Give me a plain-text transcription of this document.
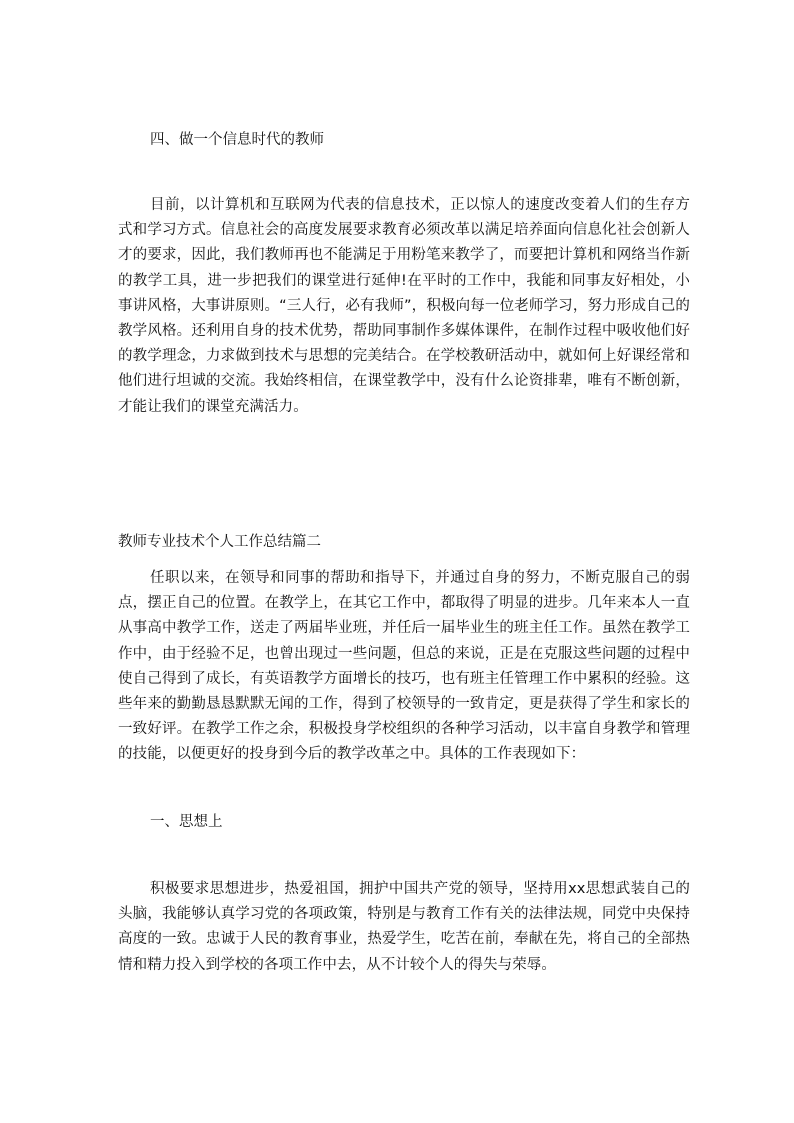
四、做一个信息时代的教师

目前，以计算机和互联网为代表的信息技术，正以惊人的速度改变着人们的生存方式和学习方式。信息社会的高度发展要求教育必须改革以满足培养面向信息化社会创新人才的要求，因此，我们教师再也不能满足于用粉笔来教学了，而要把计算机和网络当作新的教学工具，进一步把我们的课堂进行延伸!在平时的工作中，我能和同事友好相处，小事讲风格，大事讲原则。“三人行，必有我师”，积极向每一位老师学习，努力形成自己的教学风格。还利用自身的技术优势，帮助同事制作多媒体课件，在制作过程中吸收他们好的教学理念，力求做到技术与思想的完美结合。在学校教研活动中，就如何上好课经常和他们进行坦诚的交流。我始终相信，在课堂教学中，没有什么论资排辈，唯有不断创新，才能让我们的课堂充满活力。

教师专业技术个人工作总结篇二

任职以来，在领导和同事的帮助和指导下，并通过自身的努力，不断克服自己的弱点，摆正自己的位置。在教学上，在其它工作中，都取得了明显的进步。几年来本人一直从事高中教学工作，送走了两届毕业班，并任后一届毕业生的班主任工作。虽然在教学工作中，由于经验不足，也曾出现过一些问题，但总的来说，正是在克服这些问题的过程中使自己得到了成长，有英语教学方面增长的技巧，也有班主任管理工作中累积的经验。这些年来的勤勤恳恳默默无闻的工作，得到了校领导的一致肯定，更是获得了学生和家长的一致好评。在教学工作之余，积极投身学校组织的各种学习活动，以丰富自身教学和管理的技能，以便更好的投身到今后的教学改革之中。具体的工作表现如下：

一、思想上

积极要求思想进步，热爱祖国，拥护中国共产党的领导，坚持用xx思想武装自己的头脑，我能够认真学习党的各项政策，特别是与教育工作有关的法律法规，同党中央保持高度的一致。忠诚于人民的教育事业，热爱学生，吃苦在前，奉献在先，将自己的全部热情和精力投入到学校的各项工作中去，从不计较个人的得失与荣辱。
